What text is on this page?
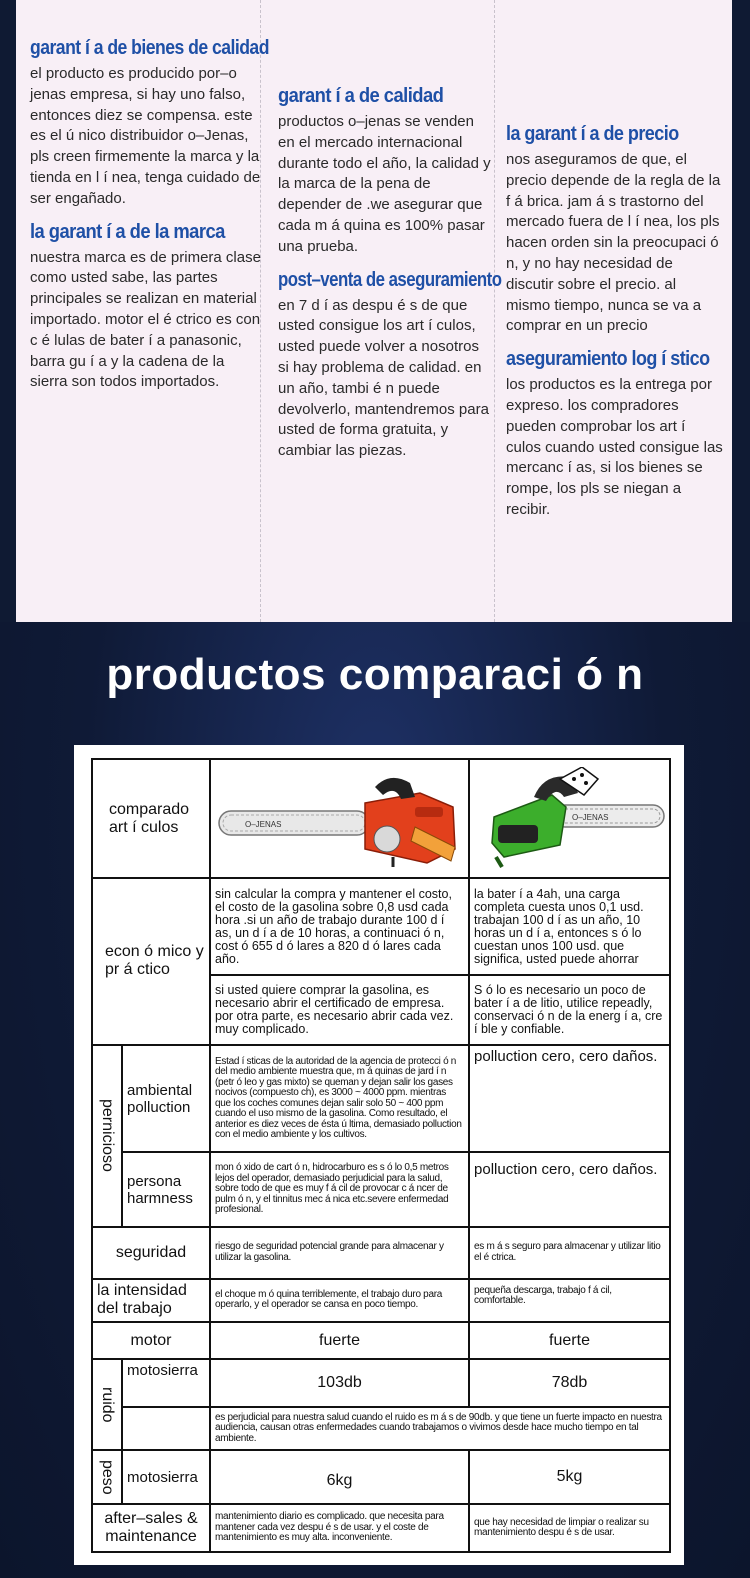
garant í a de bienes de calidad

el producto es producido por–o jenas empresa, si hay uno falso, entonces diez se compensa. este es el ú nico distribuidor o–Jenas, pls creen firmemente la marca y la tienda en l í nea, tenga cuidado de ser engañado.

la garant í a de la marca

nuestra marca es de primera clase como usted sabe, las partes principales se realizan en material importado. motor el é ctrico es con c é lulas de bater í a panasonic, barra gu í a y la cadena de la sierra son todos importados.

garant í a de calidad

productos o–jenas se venden en el mercado internacional durante todo el año, la calidad y la marca de la pena de depender de .we asegurar que cada m á quina es 100% pasar una prueba.

post–venta de aseguramiento

en 7 d í as despu é s de que usted consigue los art í culos, usted puede volver a nosotros si hay problema de calidad. en un año, tambi é n puede devolverlo, mantendremos para usted de forma gratuita, y cambiar las piezas.

la garant í a de precio

nos aseguramos de que, el precio depende de la regla de la f á brica. jam á s trastorno del mercado fuera de l í nea, los pls hacen orden sin la preocupaci ó n, y no hay necesidad de discutir sobre el precio. al mismo tiempo, nunca se va a comprar en un precio

aseguramiento log í stico

los productos es la entrega por expreso. los compradores pueden comprobar los art í culos cuando usted consigue las mercanc í as, si los bienes se rompe, los pls se niegan a recibir.

productos comparaci ó n
comparado art í culos		O–JENAS	O–JENAS

econ ó mico y pr á ctico		sin calcular la compra y mantener el costo, el costo de la gasolina sobre 0,8 usd cada hora .si un año de trabajo durante 100 d í as, un d í a de 10 horas, a continuaci ó n, cost ó 655 d ó lares a 820 d ó lares cada año.	la bater í a 4ah, una carga completa cuesta unos 0,1 usd. trabajan 100 d í as un año, 10 horas un d í a, entonces s ó lo cuestan unos 100 usd. que significa, usted puede ahorrar
		si usted quiere comprar la gasolina, es necesario abrir el certificado de empresa. por otra parte, es necesario abrir cada vez. muy complicado.	S ó lo es necesario un poco de bater í a de litio, utilice repeadly, conservaci ó n de la energ í a, cre í ble y confiable.

pernicioso	ambiental polluction	Estad í sticas de la autoridad de la agencia de protecci ó n del medio ambiente muestra que, m á quinas de jard í n (petr ó leo y gas mixto) se queman y dejan salir los gases nocivos (compuesto ch), es 3000 ~ 4000 ppm. mientras que los coches comunes dejan salir solo 50 ~ 400 ppm cuando el uso mismo de la gasolina. Como resultado, el anterior es diez veces de ésta ú ltima, demasiado polluction con el medio ambiente y los cultivos.	polluction cero, cero daños.
	persona harmness	mon ó xido de cart ó n, hidrocarburo es s ó lo 0,5 metros lejos del operador, demasiado perjudicial para la salud, sobre todo de que es muy f á cil de provocar c á ncer de pulm ó n, y el tinnitus mec á nica etc.severe enfermedad profesional.	polluction cero, cero daños.
seguridad		riesgo de seguridad potencial grande para almacenar y utilizar la gasolina.	es m á s seguro para almacenar y utilizar litio el é ctrica.
la intensidad del trabajo		el choque m ó quina terriblemente, el trabajo duro para operarlo, y el operador se cansa en poco tiempo.	pequeña descarga, trabajo f á cil, comfortable.
motor		fuerte	fuerte

ruido	motosierra	103db	78db
		es perjudicial para nuestra salud cuando el ruido es m á s de 90db. y que tiene un fuerte impacto en nuestra audiencia, causan otras enfermedades cuando trabajamos o vivimos desde hace mucho tiempo en tal ambiente.	

peso	motosierra	6kg	5kg
after–sales & maintenance		mantenimiento diario es complicado. que necesita para mantener cada vez despu é s de usar. y el coste de mantenimiento es muy alta. inconveniente.	que hay necesidad de limpiar o realizar su mantenimiento despu é s de usar.
